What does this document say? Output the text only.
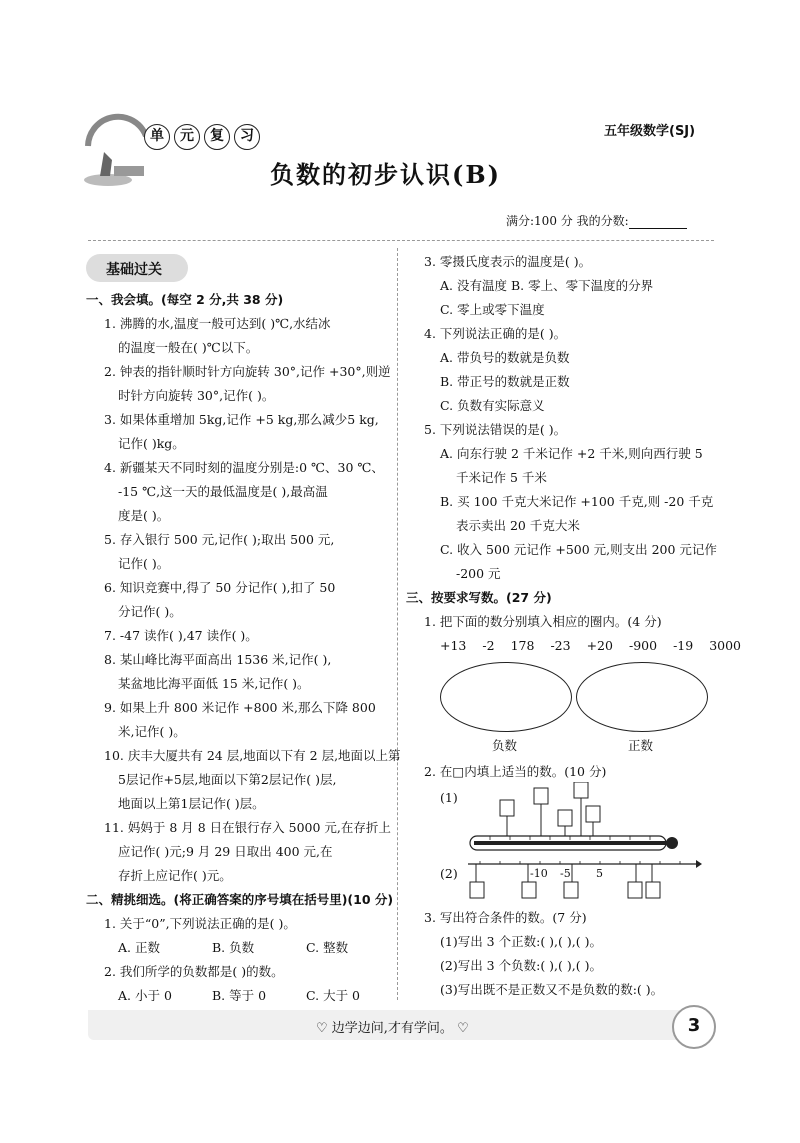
单 元 复 习	五年级数学(SJ)
负数的初步认识(B)
满分:100 分 我的分数:
基础过关
一、我会填。(每空 2 分,共 38 分)
1. 沸腾的水,温度一般可达到( )℃,水结冰
的温度一般在( )℃以下。
2. 钟表的指针顺时针方向旋转 30°,记作 +30°,则逆
时针方向旋转 30°,记作( )。
3. 如果体重增加 5kg,记作 +5 kg,那么减少5 kg,
记作( )kg。
4. 新疆某天不同时刻的温度分别是:0 ℃、30 ℃、
-15 ℃,这一天的最低温度是( ),最高温
度是( )。
5. 存入银行 500 元,记作( );取出 500 元,
记作( )。
6. 知识竞赛中,得了 50 分记作( ),扣了 50
分记作( )。
7. -47 读作( ),47 读作( )。
8. 某山峰比海平面高出 1536 米,记作( ),
某盆地比海平面低 15 米,记作( )。
9. 如果上升 800 米记作 +800 米,那么下降 800
米,记作( )。
10. 庆丰大厦共有 24 层,地面以下有 2 层,地面以上第
5层记作+5层,地面以下第2层记作( )层,
地面以上第1层记作( )层。
11. 妈妈于 8 月 8 日在银行存入 5000 元,在存折上
应记作( )元;9 月 29 日取出 400 元,在
存折上应记作( )元。
二、精挑细选。(将正确答案的序号填在括号里)(10 分)
1. 关于“0”,下列说法正确的是( )。
A. 正数	B. 负数	C. 整数
2. 我们所学的负数都是( )的数。
A. 小于 0	B. 等于 0	C. 大于 0
3. 零摄氏度表示的温度是( )。
A. 没有温度 B. 零上、零下温度的分界
C. 零上或零下温度
4. 下列说法正确的是( )。
A. 带负号的数就是负数
B. 带正号的数就是正数
C. 负数有实际意义
5. 下列说法错误的是( )。
A. 向东行驶 2 千米记作 +2 千米,则向西行驶 5
千米记作 5 千米
B. 买 100 千克大米记作 +100 千克,则 -20 千克
表示卖出 20 千克大米
C. 收入 500 元记作 +500 元,则支出 200 元记作
-200 元
三、按要求写数。(27 分)
1. 把下面的数分别填入相应的圈内。(4 分)
+13 -2 178 -23 +20 -900 -19 3000
负数	正数
2. 在□内填上适当的数。(10 分)
(1)
(2)	-10 -5 5
3. 写出符合条件的数。(7 分)
(1)写出 3 个正数:( ),( ),( )。
(2)写出 3 个负数:( ),( ),( )。
(3)写出既不是正数又不是负数的数:( )。
♡ 边学边问,才有学问。 ♡	3
